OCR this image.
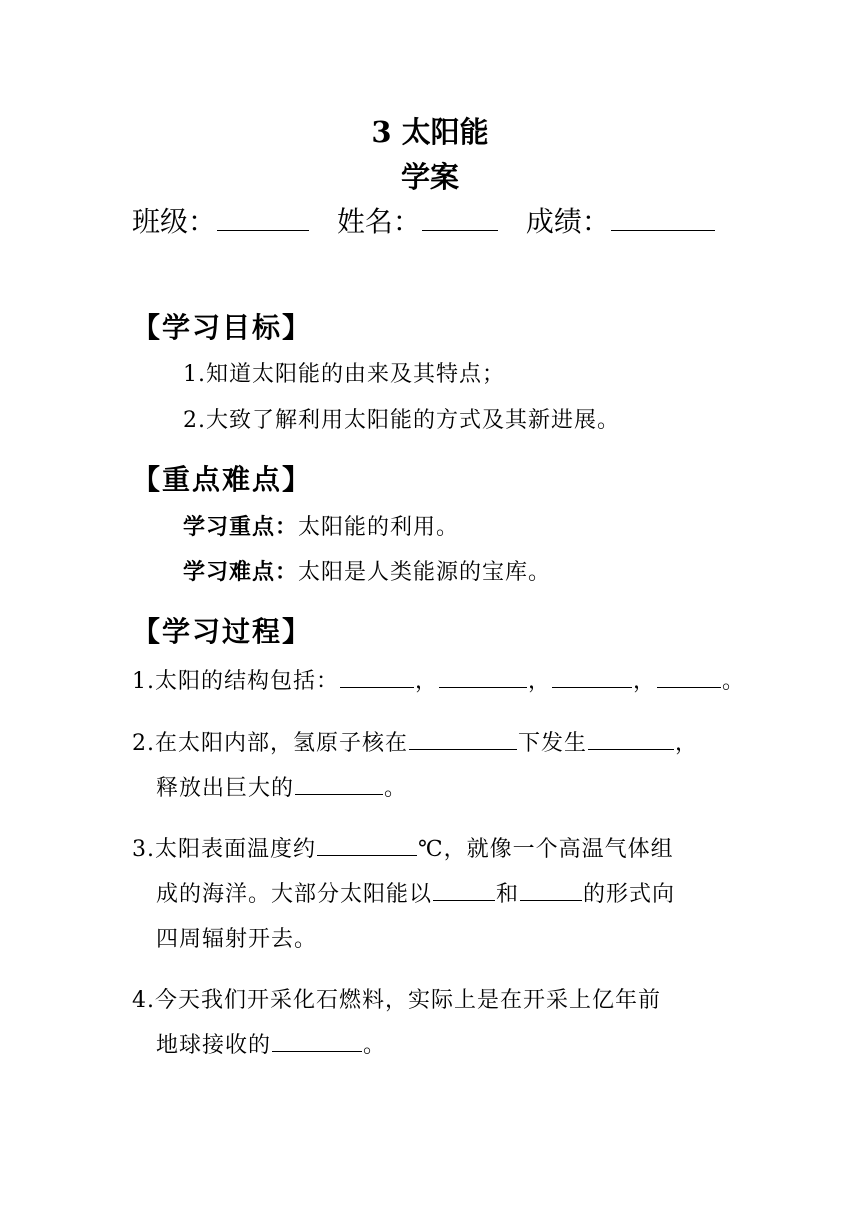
3 太阳能
学案
班级：	姓名：	成绩：
【学习目标】
1.知道太阳能的由来及其特点；
2.大致了解利用太阳能的方式及其新进展。
【重点难点】
学习重点：太阳能的利用。
学习难点：太阳是人类能源的宝库。
【学习过程】
1.太阳的结构包括：	，	，	，	。
2.在太阳内部，氢原子核在	下发生	，
释放出巨大的	。
3.太阳表面温度约	℃，就像一个高温气体组
成的海洋。大部分太阳能以	和	的形式向
四周辐射开去。
4.今天我们开采化石燃料，实际上是在开采上亿年前
地球接收的	。
